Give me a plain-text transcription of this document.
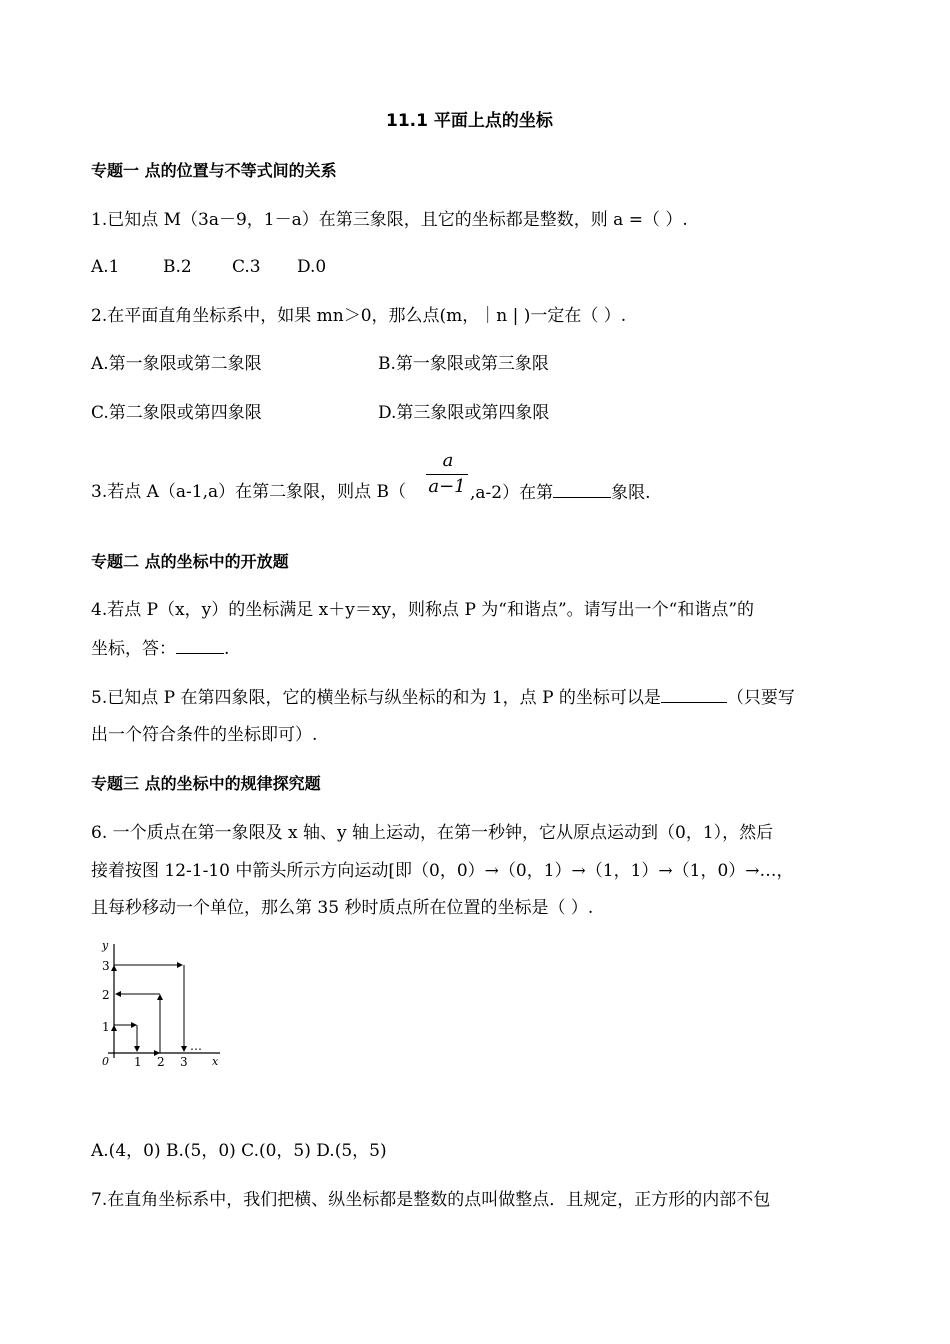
11.1 平面上点的坐标
专题一 点的位置与不等式间的关系
1.已知点 M（3a－9，1－a）在第三象限，且它的坐标都是整数，则 a =（ ）.
A.1	B.2 C.3 D.0
2.在平面直角坐标系中，如果 mn＞0，那么点(m，｜n | )一定在（ ）.
A.第一象限或第二象限	B.第一象限或第三象限
C.第二象限或第四象限	D.第三象限或第四象限
3.若点 A（a-1,a）在第二象限，则点 B（
a
a−1 ,a-2）在第	象限.
专题二 点的坐标中的开放题
4.若点 P（x，y）的坐标满足 x＋y＝xy，则称点 P 为“和谐点”。请写出一个“和谐点”的
坐标，答：	.
5.已知点 P 在第四象限，它的横坐标与纵坐标的和为 1，点 P 的坐标可以是	（只要写
出一个符合条件的坐标即可）.
专题三 点的坐标中的规律探究题
6. 一个质点在第一象限及 x 轴、y 轴上运动，在第一秒钟，它从原点运动到（0，1），然后
接着按图 12-1-10 中箭头所示方向运动[即（0，0）→（0，1）→（1，1）→（1，0）→…，
且每秒移动一个单位，那么第 35 秒时质点所在位置的坐标是（ ）.
y
x
0 1 2 3
1
2
3
…
A.(4，0) B.(5，0) C.(0，5) D.(5，5)
7.在直角坐标系中，我们把横、纵坐标都是整数的点叫做整点．且规定，正方形的内部不包
